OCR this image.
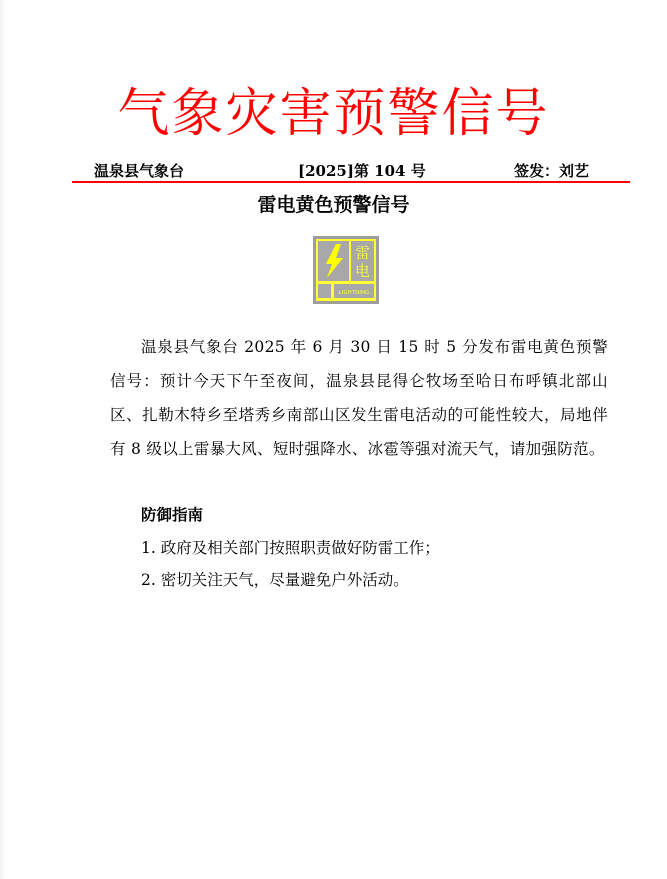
气象灾害预警信号
温泉县气象台	[2025]第 104 号	签发：刘艺
雷电黄色预警信号
雷
电
LIGHTNING

温泉县气象台 2025 年 6 月 30 日 15 时 5 分发布雷电黄色预警信号：预计今天下午至夜间，温泉县昆得仑牧场至哈日布呼镇北部山区、扎勒木特乡至塔秀乡南部山区发生雷电活动的可能性较大，局地伴有 8 级以上雷暴大风、短时强降水、冰雹等强对流天气，请加强防范。

防御指南
1. 政府及相关部门按照职责做好防雷工作；
2. 密切关注天气，尽量避免户外活动。
